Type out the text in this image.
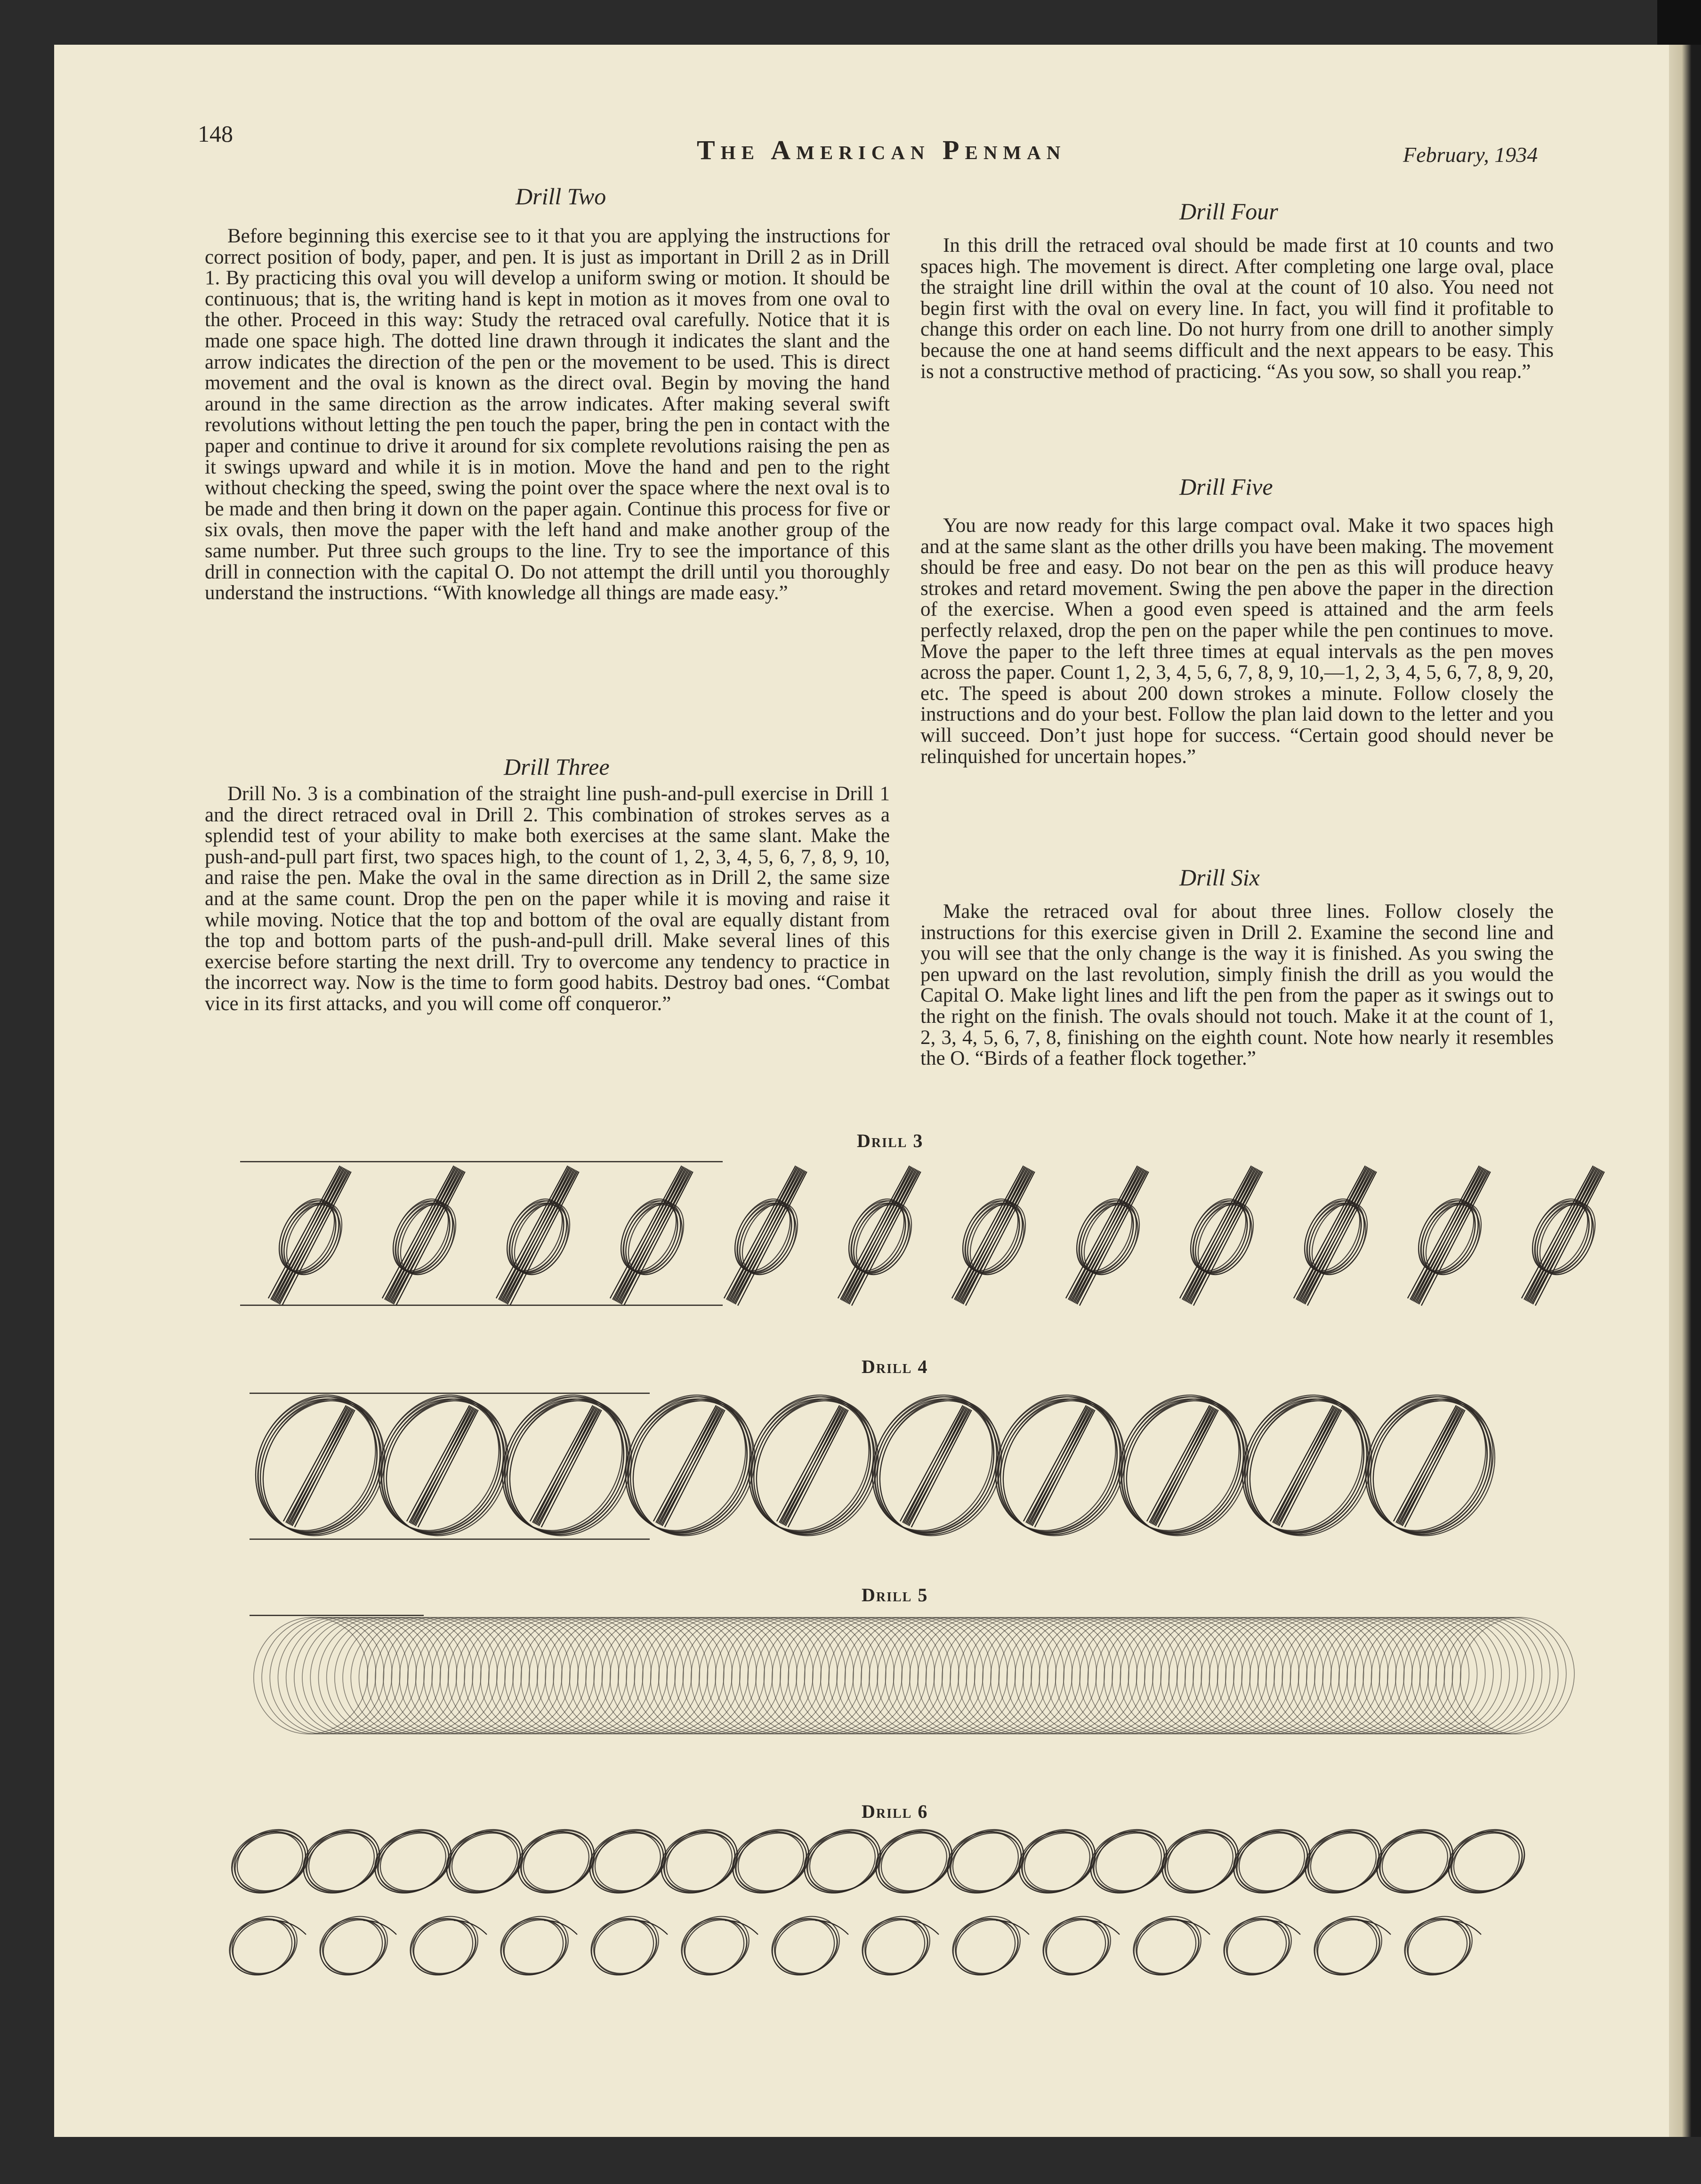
148
The American Penman	February, 1934
Drill Two

Before beginning this exercise see to it that you are applying the instructions for correct position of body, paper, and pen. It is just as important in Drill 2 as in Drill 1. By practicing this oval you will develop a uniform swing or motion. It should be continuous; that is, the writing hand is kept in motion as it moves from one oval to the other. Proceed in this way: Study the retraced oval carefully. Notice that it is made one space high. The dotted line drawn through it indicates the slant and the arrow indicates the direction of the pen or the movement to be used. This is direct movement and the oval is known as the direct oval. Begin by moving the hand around in the same direction as the arrow indicates. After making several swift revolutions without letting the pen touch the paper, bring the pen in contact with the paper and continue to drive it around for six complete revolutions raising the pen as it swings upward and while it is in motion. Move the hand and pen to the right without checking the speed, swing the point over the space where the next oval is to be made and then bring it down on the paper again. Continue this process for five or six ovals, then move the paper with the left hand and make another group of the same number. Put three such groups to the line. Try to see the importance of this drill in connection with the capital O. Do not attempt the drill until you thoroughly understand the instructions. “With knowledge all things are made easy.”

Drill Three

Drill No. 3 is a combination of the straight line push-and-pull exercise in Drill 1 and the direct retraced oval in Drill 2. This combination of strokes serves as a splendid test of your ability to make both exercises at the same slant. Make the push-and-pull part first, two spaces high, to the count of 1, 2, 3, 4, 5, 6, 7, 8, 9, 10, and raise the pen. Make the oval in the same direction as in Drill 2, the same size and at the same count. Drop the pen on the paper while it is moving and raise it while moving. Notice that the top and bottom of the oval are equally distant from the top and bottom parts of the push-and-pull drill. Make several lines of this exercise before starting the next drill. Try to overcome any tendency to practice in the incorrect way. Now is the time to form good habits. Destroy bad ones. “Combat vice in its first attacks, and you will come off conqueror.”

Drill Four

In this drill the retraced oval should be made first at 10 counts and two spaces high. The movement is direct. After completing one large oval, place the straight line drill within the oval at the count of 10 also. You need not begin first with the oval on every line. In fact, you will find it profitable to change this order on each line. Do not hurry from one drill to another simply because the one at hand seems difficult and the next appears to be easy. This is not a constructive method of practicing. “As you sow, so shall you reap.”

Drill Five

You are now ready for this large compact oval. Make it two spaces high and at the same slant as the other drills you have been making. The movement should be free and easy. Do not bear on the pen as this will produce heavy strokes and retard movement. Swing the pen above the paper in the direction of the exercise. When a good even speed is attained and the arm feels perfectly relaxed, drop the pen on the paper while the pen continues to move. Move the paper to the left three times at equal intervals as the pen moves across the paper. Count 1, 2, 3, 4, 5, 6, 7, 8, 9, 10,—1, 2, 3, 4, 5, 6, 7, 8, 9, 20, etc. The speed is about 200 down strokes a minute. Follow closely the instructions and do your best. Follow the plan laid down to the letter and you will succeed. Don’t just hope for success. “Certain good should never be relinquished for uncertain hopes.”

Drill Six

Make the retraced oval for about three lines. Follow closely the instructions for this exercise given in Drill 2. Examine the second line and you will see that the only change is the way it is finished. As you swing the pen upward on the last revolution, simply finish the drill as you would the Capital O. Make light lines and lift the pen from the paper as it swings out to the right on the finish. The ovals should not touch. Make it at the count of 1, 2, 3, 4, 5, 6, 7, 8, finishing on the eighth count. Note how nearly it resembles the O. “Birds of a feather flock together.”

Drill 3
Drill 4
Drill 5
Drill 6
